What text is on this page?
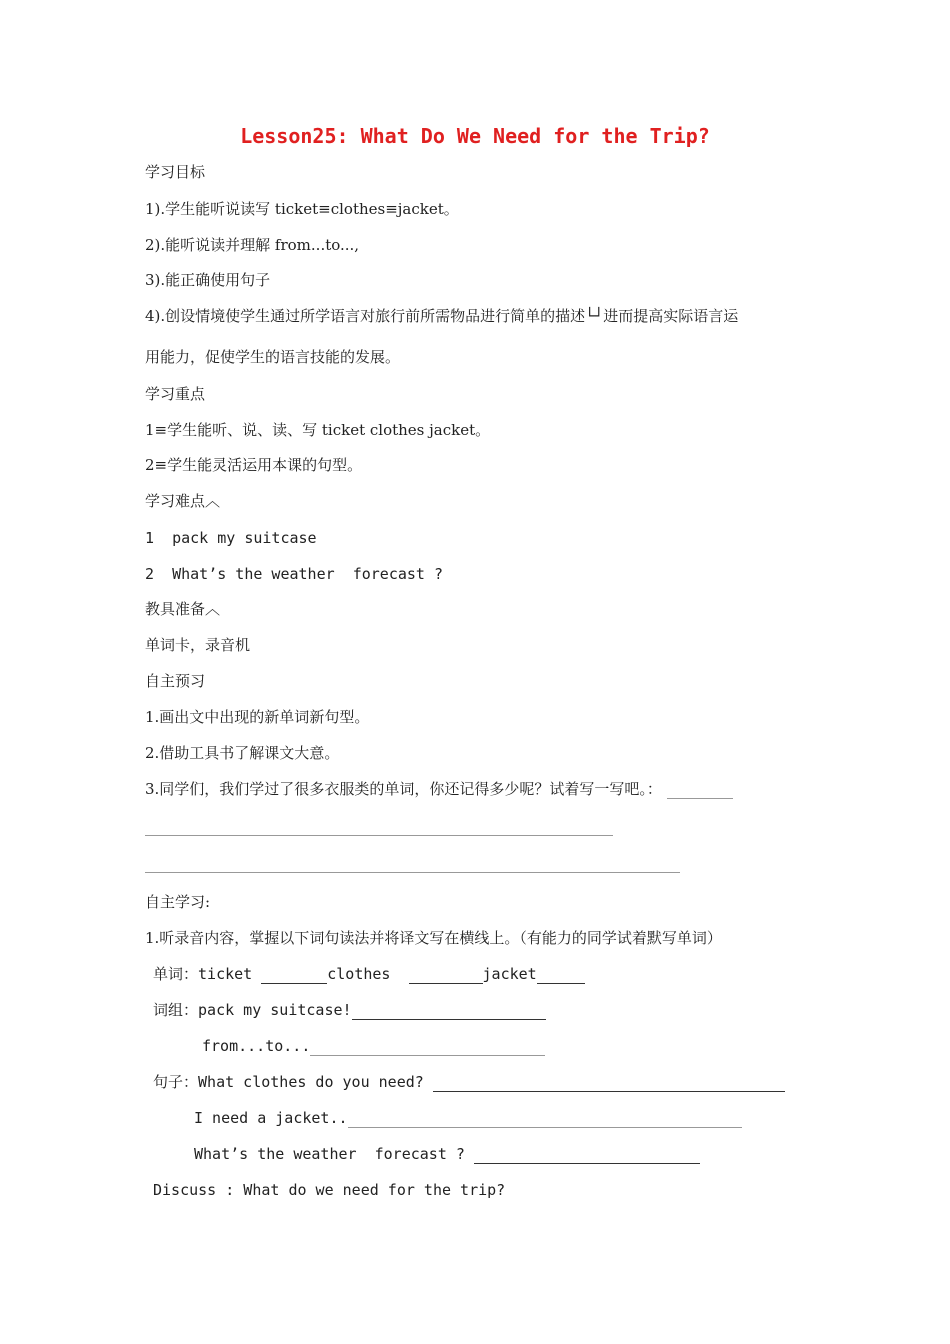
Lesson25: What Do We Need for the Trip?
学习目标
1).学生能听说读写 ticket≡clothes≡jacket。
2).能听说读并理解 from...to...,
3).能正确使用句子
4).创设情境使学生通过所学语言对旅行前所需物品进行简单的描述└┘进而提高实际语言运
用能力，促使学生的语言技能的发展。
学习重点
1≡学生能听、说、读、写 ticket clothes jacket。
2≡学生能灵活运用本课的句型。
学习难点︿
1  pack my suitcase
2  What’s the weather  forecast ?
教具准备︿
单词卡，录音机
自主预习
1.画出文中出现的新单词新句型。
2.借助工具书了解课文大意。
3.同学们，我们学过了很多衣服类的单词，你还记得多少呢？试着写一写吧。：
自主学习:
1.听录音内容，掌握以下词句读法并将译文写在横线上。（有能力的同学试着默写单词）
单词：ticket	clothes	jacket
词组：pack my suitcase!
from...to...
句子：What clothes do you need?
I need a jacket..
What’s the weather  forecast ?
Discuss : What do we need for the trip?
